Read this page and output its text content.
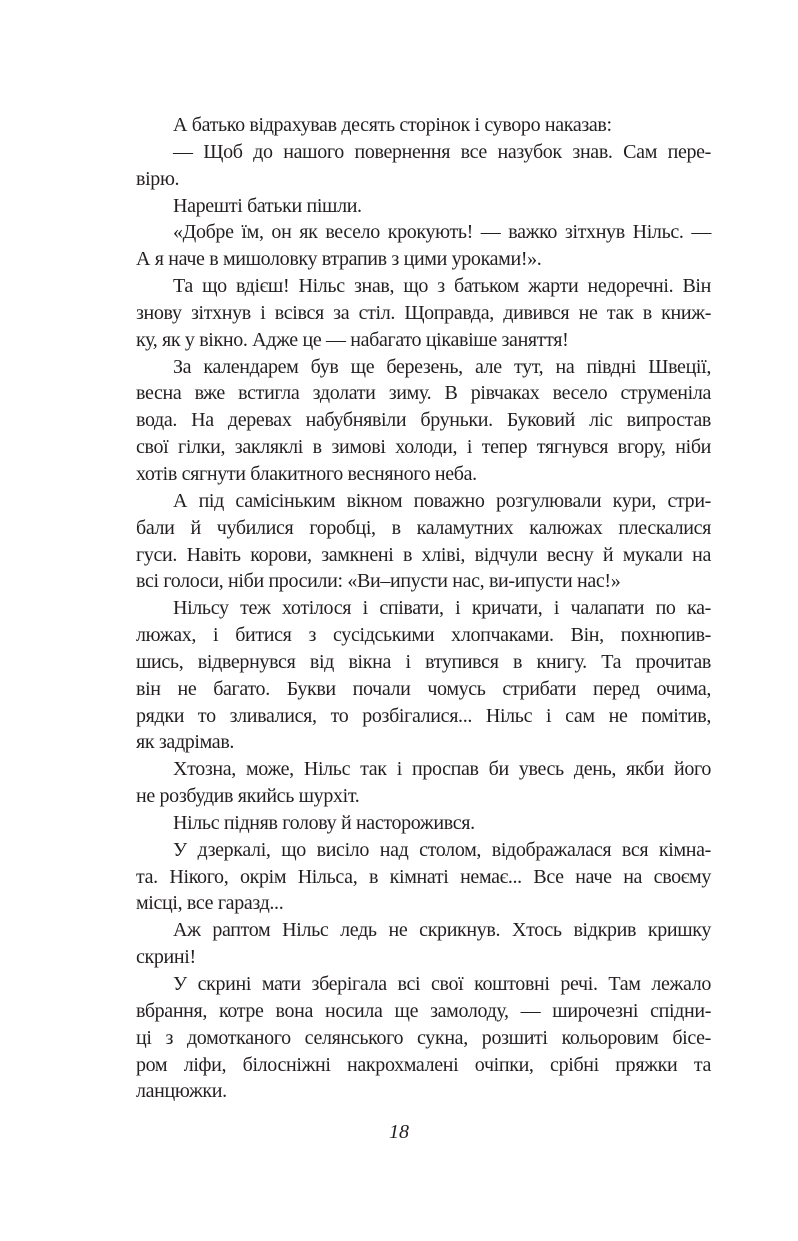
А батько відрахував десять сторінок і суворо наказав:
— Щоб до нашого повернення все назубок знав. Сам пере-
вірю.
Нарешті батьки пішли.
«Добре їм, он як весело крокують! — важко зітхнув Нільс. —
А я наче в мишоловку втрапив з цими уроками!».
Та що вдієш! Нільс знав, що з батьком жарти недоречні. Він
знову зітхнув і всівся за стіл. Щоправда, дивився не так в книж-
ку, як у вікно. Адже це — набагато цікавіше заняття!
За календарем був ще березень, але тут, на півдні Швеції,
весна вже встигла здолати зиму. В рівчаках весело струменіла
вода. На деревах набубнявіли бруньки. Буковий ліс випростав
свої гілки, закляклі в зимові холоди, і тепер тягнувся вгору, ніби
хотів сягнути блакитного весняного неба.
А під самісіньким вікном поважно розгулювали кури, стри-
бали й чубилися горобці, в каламутних калюжах плескалися
гуси. Навіть корови, замкнені в хліві, відчули весну й мукали на
всі голоси, ніби просили: «Ви–ипусти нас, ви-ипусти нас!»
Нільсу теж хотілося і співати, і кричати, і чалапати по ка-
люжах, і битися з сусідськими хлопчаками. Він, похнюпив-
шись, відвернувся від вікна і втупився в книгу. Та прочитав
він не багато. Букви почали чомусь стрибати перед очима,
рядки то зливалися, то розбігалися... Нільс і сам не помітив,
як задрімав.
Хтозна, може, Нільс так і проспав би увесь день, якби його
не розбудив якийсь шурхіт.
Нільс підняв голову й насторожився.
У дзеркалі, що висіло над столом, відображалася вся кімна-
та. Нікого, окрім Нільса, в кімнаті немає... Все наче на своєму
місці, все гаразд...
Аж раптом Нільс ледь не скрикнув. Хтось відкрив кришку
скрині!
У скрині мати зберігала всі свої коштовні речі. Там лежало
вбрання, котре вона носила ще замолоду, — широчезні спідни-
ці з домотканого селянського сукна, розшиті кольоровим бісе-
ром ліфи, білосніжні накрохмалені очіпки, срібні пряжки та
ланцюжки.
18
